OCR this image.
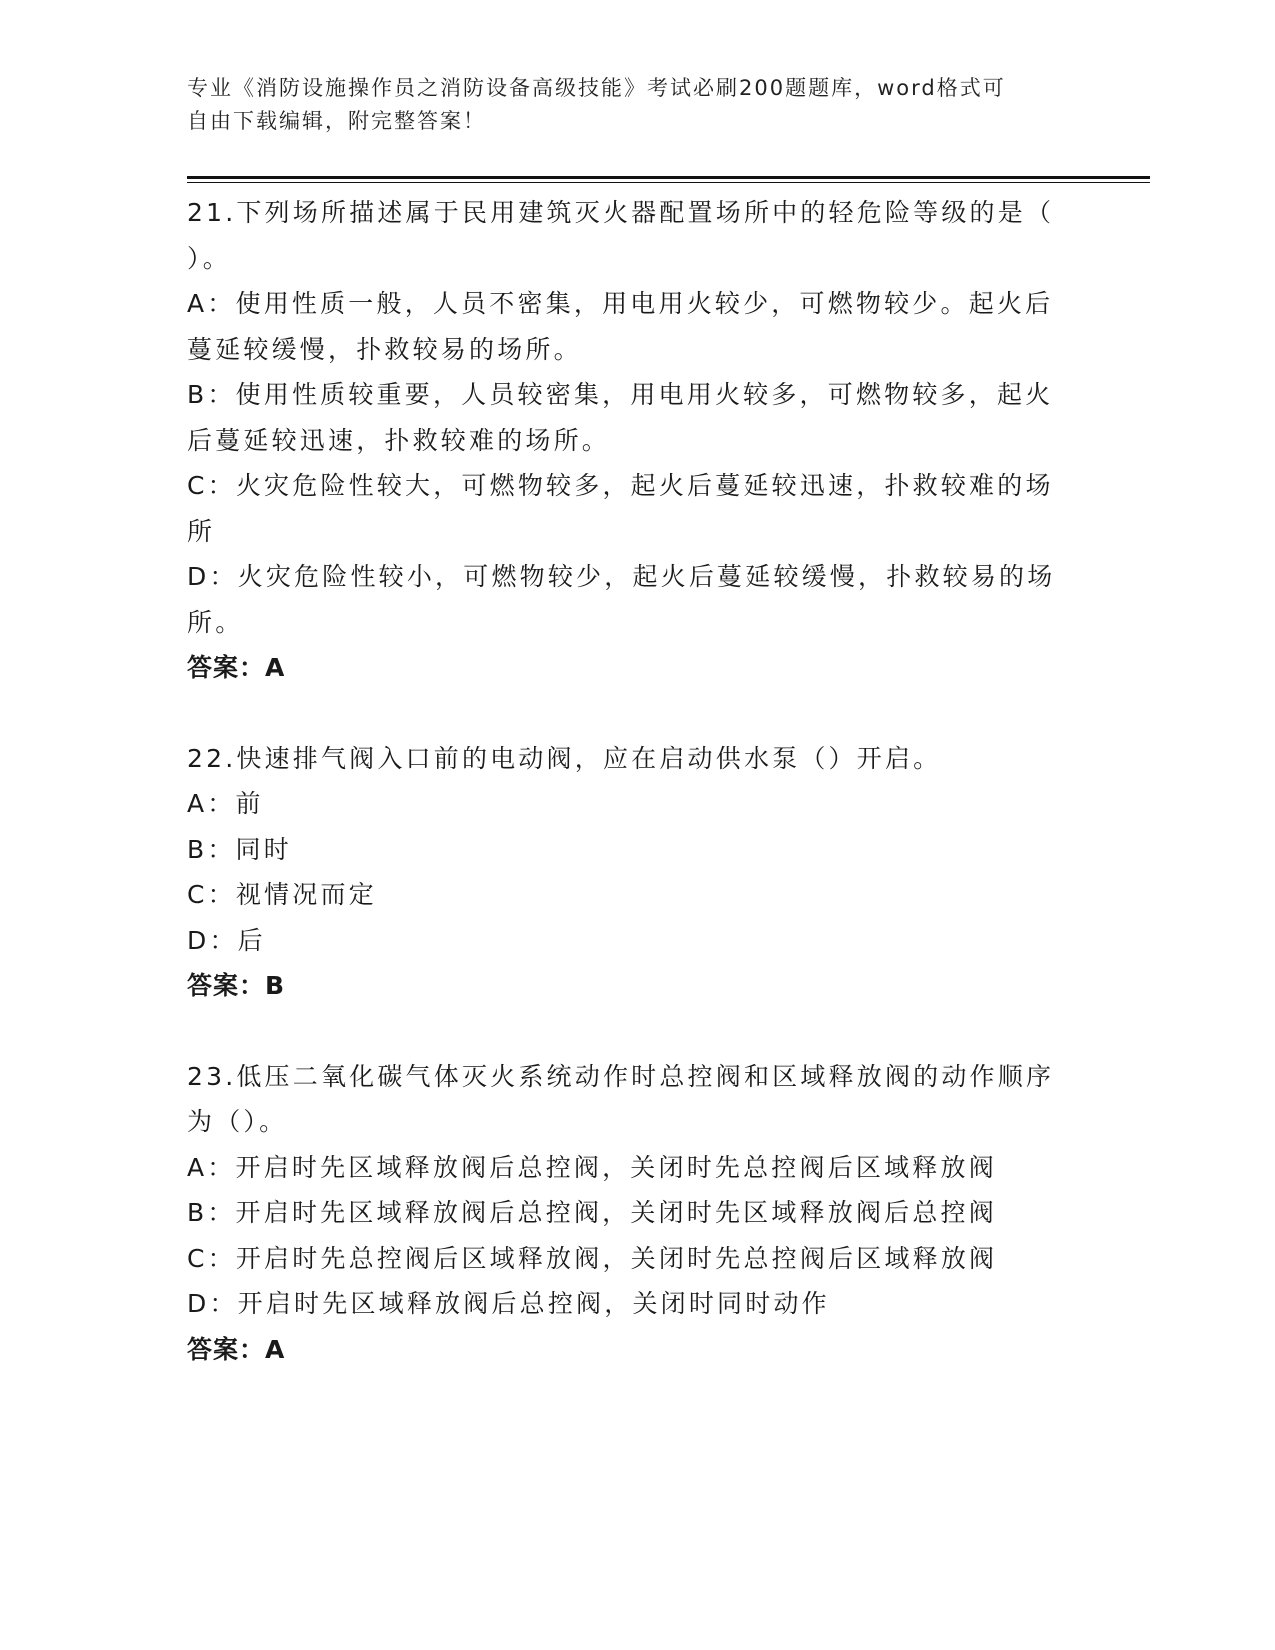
专业《消防设施操作员之消防设备高级技能》考试必刷200题题库，word格式可
自由下载编辑，附完整答案！
21.下列场所描述属于民用建筑灭火器配置场所中的轻危险等级的是（
）。
A：使用性质一般，人员不密集，用电用火较少，可燃物较少。起火后
蔓延较缓慢，扑救较易的场所。
B：使用性质较重要，人员较密集，用电用火较多，可燃物较多，起火
后蔓延较迅速，扑救较难的场所。
C：火灾危险性较大，可燃物较多，起火后蔓延较迅速，扑救较难的场
所
D：火灾危险性较小，可燃物较少，起火后蔓延较缓慢，扑救较易的场
所。
答案：A
22.快速排气阀入口前的电动阀，应在启动供水泵（）开启。
A：前
B：同时
C：视情况而定
D：后
答案：B
23.低压二氧化碳气体灭火系统动作时总控阀和区域释放阀的动作顺序
为（）。
A：开启时先区域释放阀后总控阀，关闭时先总控阀后区域释放阀
B：开启时先区域释放阀后总控阀，关闭时先区域释放阀后总控阀
C：开启时先总控阀后区域释放阀，关闭时先总控阀后区域释放阀
D：开启时先区域释放阀后总控阀，关闭时同时动作
答案：A
